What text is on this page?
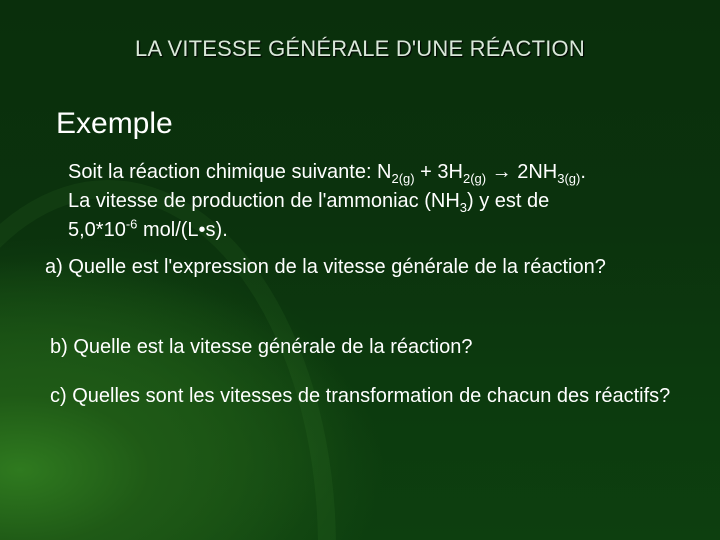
LA VITESSE GÉNÉRALE D'UNE RÉACTION
Exemple
Soit la réaction chimique suivante: $N_{2(g)} + 3H_{2(g)} \to 2NH_{3(g)}$.
La vitesse de production de l'ammoniac $(NH_3)$ y est de
$5,0*10^{-6}$ mol/(L•s).
a) Quelle est l'expression de la vitesse générale de la réaction?
b) Quelle est la vitesse générale de la réaction?
c) Quelles sont les vitesses de transformation de chacun des réactifs?
